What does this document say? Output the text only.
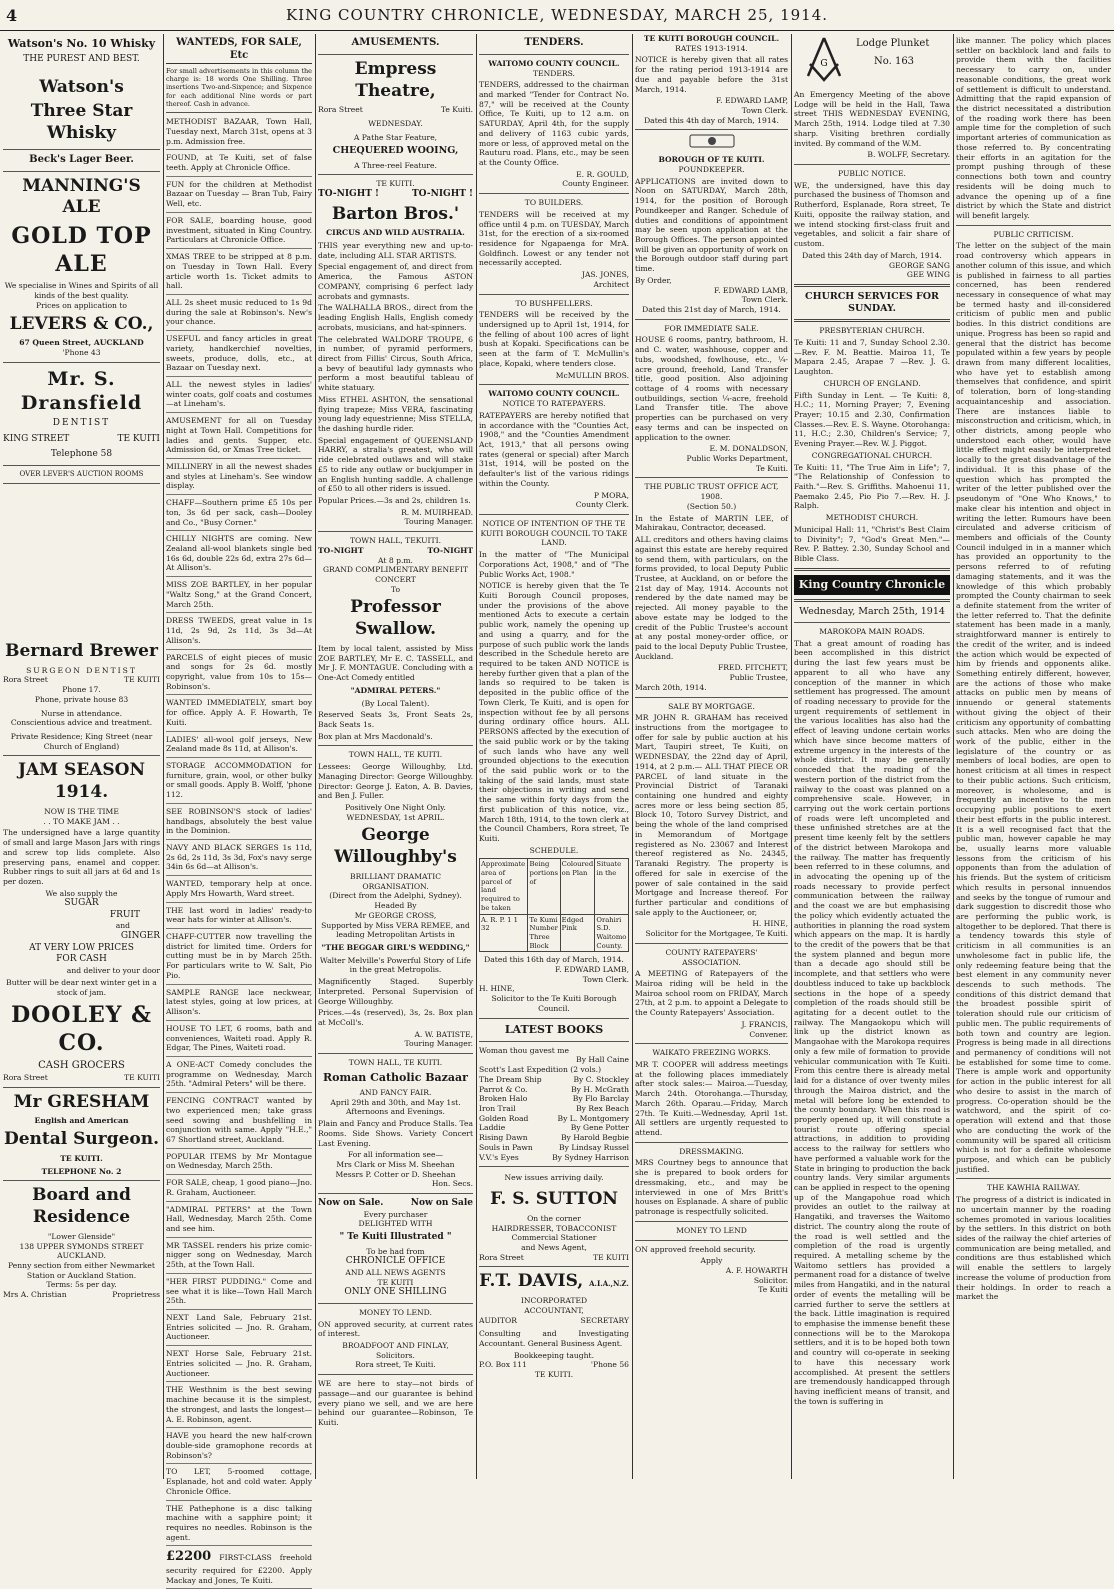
4	KING COUNTRY CHRONICLE, WEDNESDAY, MARCH 25, 1914.
Watson's No. 10 Whisky
THE PUREST AND BEST.
Watson's
Three Star Whisky
Beck's Lager Beer.
MANNING'S ALE
GOLD TOP ALE
We specialise in Wines and Spirits of all kinds of the best quality.
Prices on application to
LEVERS & CO.,
67 Queen Street, AUCKLAND
'Phone 43
Mr. S. Dransfield
DENTIST
KING STREET	TE KUITI
Telephone 58
OVER LEVER'S AUCTION ROOMS
Bernard Brewer
SURGEON DENTIST
Rora Street	TE KUITI
Phone 17.
Phone, private house 83
Nurse in attendance.
Conscientious advice and treatment.
Private Residence; King Street (near Church of England)
JAM SEASON 1914.
NOW IS THE TIME
. . TO MAKE JAM . .
The undersigned have a large quantity of small and large Mason Jars with rings and screw top lids complete. Also preserving pans, enamel and copper. Rubber rings to suit all jars at 6d and 1s per dozen.
We also supply the
SUGAR
FRUIT
and
GINGER
AT VERY LOW PRICES
FOR CASH
and deliver to your door
Butter will be dear next winter get in a stock of jam.
DOOLEY & CO.
CASH GROCERS
Rora Street	TE KUITI
Mr GRESHAM
English and American
Dental Surgeon.
TE KUITI.
TELEPHONE No. 2
Board and Residence
"Lower Glenside"
138 UPPER SYMONDS STREET AUCKLAND.
Penny section from either Newmarket Station or Auckland Station.
Terms: 5s per day.
Mrs A. Christian	Proprietress
WANTEDS, FOR SALE, Etc
For small advertisements in this column the charge is: 18 words One Shilling. Three insertions Two-and-Sixpence; and Sixpence for each additional Nine words or part thereof. Cash in advance.
METHODIST BAZAAR, Town Hall, Tuesday next, March 31st, opens at 3 p.m. Admission free.
FOUND, at Te Kuiti, set of false teeth. Apply at Chronicle Office.
FUN for the children at Methodist Bazaar on Tuesday — Bran Tub, Fairy Well, etc.
FOR SALE, boarding house, good investment, situated in King Country. Particulars at Chronicle Office.
XMAS TREE to be stripped at 8 p.m. on Tuesday in Town Hall. Every article worth 1s. Ticket admits to hall.
ALL 2s sheet music reduced to 1s 9d during the sale at Robinson's. New's your chance.
USEFUL and fancy articles in great variety, handkerchief novelties, sweets, produce, dolls, etc., at Bazaar on Tuesday next.
ALL the newest styles in ladies' winter coats, golf coats and costumes—at Lineham's.
AMUSEMENT for all on Tuesday night at Town Hall. Competitions for ladies and gents. Supper, etc. Admission 6d, or Xmas Tree ticket.
MILLINERY in all the newest shades and styles at Lineham's. See window display.
CHAFF—Southern prime £5 10s per ton, 3s 6d per sack, cash—Dooley and Co., "Busy Corner."
CHILLY NIGHTS are coming. New Zealand all-wool blankets single bed 16s 6d, double 22s 6d, extra 27s 6d—At Allison's.
MISS ZOE BARTLEY, in her popular "Waltz Song," at the Grand Concert, March 25th.
DRESS TWEEDS, great value in 1s 11d, 2s 9d, 2s 11d, 3s 3d—At Allison's.
PARCELS of eight pieces of music and songs for 2s 6d. mostly copyright, value from 10s to 15s—Robinson's.
WANTED IMMEDIATELY, smart boy for office. Apply A. F. Howarth, Te Kuiti.
LADIES' all-wool golf jerseys, New Zealand made 8s 11d, at Allison's.
STORAGE ACCOMMODATION for furniture, grain, wool, or other bulky or small goods. Apply B. Wolff, 'phone 112.
SEE ROBINSON'S stock of ladies' handbags, absolutely the best value in the Dominion.
NAVY AND BLACK SERGES 1s 11d, 2s 6d, 2s 11d, 3s 3d, Fox's navy serge 34in 6s 6d—at Allison's.
WANTED, temporary help at once. Apply Mrs Howarth, Ward street.
THE last word in ladies' ready-to wear hats for winter at Allison's.
CHAFF-CUTTER now travelling the district for limited time. Orders for cutting must be in by March 25th. For particulars write to W. Salt, Pio Pio.
SAMPLE RANGE lace neckwear, latest styles, going at low prices, at Allison's.
HOUSE TO LET, 6 rooms, bath and conveniences, Waiteti road. Apply R. Edgar, The Pines, Waiteti road.
A ONE-ACT Comedy concludes the programme on Wednesday, March 25th. "Admiral Peters" will be there.
FENCING CONTRACT wanted by two experienced men; take grass seed sowing and bushfelling in conjunction with same. Apply "H.E.," 67 Shortland street, Auckland.
POPULAR ITEMS by Mr Montague on Wednesday, March 25th.
FOR SALE, cheap, 1 good piano—Jno. R. Graham, Auctioneer.
"ADMIRAL PETERS" at the Town Hall, Wednesday, March 25th. Come and see him.
MR TASSEL renders his prize comic-nigger song on Wednesday, March 25th, at the Town Hall.
"HER FIRST PUDDING." Come and see what it is like—Town Hall March 25th.
NEXT Land Sale, February 21st. Entries solicited — Jno. R. Graham, Auctioneer.
NEXT Horse Sale, February 21st. Entries solicited — Jno. R. Graham, Auctioneer.
THE Westhnim is the best sewing machine because it is the simplest, the strongest, and lasts the longest—A. E. Robinson, agent.
HAVE you heard the new half-crown double-side gramophone records at Robinson's?
TO LET, 5-roomed cottage, Esplanade, hot and cold water. Apply Chronicle Office.
THE Pathephone is a disc talking machine with a sapphire point; it requires no needles. Robinson is the agent.
£2200 FIRST-CLASS freehold security required for £2200. Apply Mackay and Jones, Te Kuiti.
AMUSEMENTS.
Empress Theatre,
Rora Street	Te Kuiti.
WEDNESDAY.
A Pathe Star Feature,
CHEQUERED WOOING,
A Three-reel Feature.
TE KUITI.
TO-NIGHT !	TO-NIGHT !
Barton Bros.'
CIRCUS AND WILD AUSTRALIA.
THIS year everything new and up-to-date, including ALL STAR ARTISTS.
Special engagement of, and direct from America, the Famous ASTON COMPANY, comprising 6 perfect lady acrobats and gymnasts.
The WALHALLA BROS., direct from the leading English Halls, English comedy acrobats, musicians, and hat-spinners.
The celebrated WALDORF TROUPE, 6 in number, of pyramid performers, direct from Fillis' Circus, South Africa, a bevy of beautiful lady gymnasts who perform a most beautiful tableau of white statuary.
Miss ETHEL ASHTON, the sensational flying trapeze; Miss VERA, fascinating young lady equestrienne; Miss STELLA, the dashing hurdle rider.
Special engagement of QUEENSLAND HARRY, a stralia's greatest, who will ride celebrated outlaws and will stake £5 to ride any outlaw or buckjumper in an English hunting saddle. A challenge of £50 to all other riders is issued.
Popular Prices.—3s and 2s, children 1s.
R. M. MUIRHEAD.
Touring Manager.
TOWN HALL, TEKUITI.
TO-NIGHT	TO-NIGHT
At 8 p.m.
GRAND COMPLIMENTARY BENEFIT CONCERT
To
Professor Swallow.
Item by local talent, assisted by Miss ZOE BARTLEY, Mr E. C. TASSELL, and Mr J. F. MONTAGUE. Concluding with a One-Act Comedy entitled
"ADMIRAL PETERS."
(By Local Talent).
Reserved Seats 3s, Front Seats 2s, Back Seats 1s.
Box plan at Mrs Macdonald's.
TOWN HALL, TE KUITI.
Lessees: George Willoughby, Ltd. Managing Director: George Willoughby. Director: George J. Eaton, A. B. Davies, and Ben J. Fuller.
Positively One Night Only.
WEDNESDAY, 1st APRIL.
George Willoughby's
BRILLIANT DRAMATIC ORGANISATION.
(Direct from the Adelphi, Sydney).
Headed By
Mr GEORGE CROSS,
Supported by Miss VERA REMEE, and leading Metropolitan Artists in
"THE BEGGAR GIRL'S WEDDING,"
Walter Melville's Powerful Story of Life in the great Metropolis.
Magnificently Staged. Superbly Interpreted. Personal Supervision of George Willoughby.
Prices.—4s (reserved), 3s, 2s. Box plan at McColl's.
A. W. BATISTE,
Touring Manager.
TOWN HALL, TE KUITI.
Roman Catholic Bazaar
AND FANCY FAIR.
April 29th and 30th, and May 1st.
Afternoons and Evenings.
Plain and Fancy and Produce Stalls. Tea Rooms. Side Shows. Variety Concert Last Evening.
For all information see—
Mrs Clark or Miss M. Sheehan
Messrs P. Cotter or D. Sheehan
Hon. Secs.
Now on Sale.	Now on Sale
Every purchaser
DELIGHTED WITH
" Te Kuiti Illustrated "
To be had from
CHRONICLE OFFICE
AND ALL NEWS AGENTS
TE KUITI
ONLY ONE SHILLING
MONEY TO LEND.
ON approved security, at current rates of interest.
BROADFOOT AND FINLAY,
Solicitors.
Rora street, Te Kuiti.
WE are here to stay—not birds of passage—and our guarantee is behind every piano we sell, and we are here behind our guarantee—Robinson, Te Kuiti.
TENDERS.
WAITOMO COUNTY COUNCIL.
TENDERS.
TENDERS, addressed to the chairman and marked "Tender for Contract No. 87," will be received at the County Office, Te Kuiti, up to 12 a.m. on SATURDAY, April 4th, for the supply and delivery of 1163 cubic yards, more or less, of approved metal on the Rauturu road. Plans, etc., may be seen at the County Office.
E. R. GOULD,
County Engineer.
TO BUILDERS.
TENDERS will be received at my office until 4 p.m. on TUESDAY, March 31st, for the erection of a six-roomed residence for Ngapaenga for MrA. Goldfinch. Lowest or any tender not necessarily accepted.
JAS. JONES,
Architect
TO BUSHFELLERS.
TENDERS will be received by the undersigned up to April 1st, 1914, for the felling of about 100 acres of light bush at Kopaki. Specifications can be seen at the farm of T. McMullin's place, Kopaki, where tenders close.
McMULLIN BROS.
WAITOMO COUNTY COUNCIL.
NOTICE TO RATEPAYERS.
RATEPAYERS are hereby notified that in accordance with the "Counties Act, 1908," and the "Counties Amendment Act, 1913," that all persons owing rates (general or special) after March 31st, 1914, will be posted on the defaulter's list of the various ridings within the County.
P MORA,
County Clerk.
NOTICE OF INTENTION OF THE TE KUITI BOROUGH COUNCIL TO TAKE LAND.
In the matter of "The Municipal Corporations Act, 1908," and of "The Public Works Act, 1908."
NOTICE is hereby given that the Te Kuiti Borough Council proposes, under the provisions of the above mentioned Acts to execute a certain public work, namely the opening up and using a quarry, and for the purpose of such public work the lands described in the Schedule hereto are required to be taken AND NOTICE is hereby further given that a plan of the lands so required to be taken is deposited in the public office of the Town Clerk, Te Kuiti, and is open for inspection without fee by all persons during ordinary office hours. ALL PERSONS affected by the execution of the said public work or by the taking of such lands who have any well grounded objections to the execution of the said public work or to the taking of the said lands, must state their objections in writing and send the same within forty days from the first publication of this notice, viz., March 18th, 1914, to the town clerk at the Council Chambers, Rora street, Te Kuiti.
SCHEDULE.
Approximate area of parcel of land required to be taken	Being portions of	Coloured on Plan	Situate in the
A. R. P. 1 1 32	Te Kumi Number Three Block	Edged Pink	Orahiri S.D. Waitomo County.
Dated this 16th day of March, 1914.
F. EDWARD LAMB,
Town Clerk.
H. HINE,
Solicitor to the Te Kuiti Borough Council.
LATEST BOOKS
Woman thou gavest me
By Hall Caine
Scott's Last Expedition (2 vols.)
The Dream Ship	By C. Stockley
Parrot & Co.	By H. McGrath
Broken Halo	By Flo Barclay
Iron Trail	By Rex Beach
Golden Road	By L. Montgomery
Laddie	By Gene Potter
Rising Dawn	By Harold Begbie
Souls in Pawn	By Lindsay Russel
V.V.'s Eyes	By Sydney Harrison
New issues arriving daily.
F. S. SUTTON
On the corner
HAIRDRESSER, TOBACCONIST
Commercial Stationer
and News Agent,
Rora Street	TE KUITI
F.T. DAVIS, A.I.A.,N.Z.
INCORPORATED
ACCOUNTANT,
AUDITOR	SECRETARY
Consulting and Investigating Accountant. General Business Agent.
Bookkeeping taught.
P.O. Box 111	'Phone 56
TE KUITI.
TE KUITI BOROUGH COUNCIL.
RATES 1913-1914.
NOTICE is hereby given that all rates for the rating period 1913-1914 are due and payable before the 31st March, 1914.
F. EDWARD LAMP,
Town Clerk.
Dated this 4th day of March, 1914.
BOROUGH OF TE KUITI.
POUNDKEEPER.
APPLICATIONS are invited down to Noon on SATURDAY, March 28th, 1914, for the position of Borough Poundkeeper and Ranger. Schedule of duties and conditions of appointment may be seen upon application at the Borough Offices. The person appointed will be given an opportunity of work on the Borough outdoor staff during part time.
By Order,
F. EDWARD LAMB,
Town Clerk.
Dated this 21st day of March, 1914.
FOR IMMEDIATE SALE.
HOUSE 6 rooms, pantry, bathroom, H. and C. water, washhouse, copper and tubs, woodshed, fowlhouse, etc., ¼-acre ground, freehold, Land Transfer title, good position. Also adjoining cottage of 4 rooms with necessary outbuildings, section ¼-acre, freehold Land Transfer title. The above properties can be purchased on very easy terms and can be inspected on application to the owner.
E. M. DONALDSON,
Public Works Department,
Te Kuiti.
THE PUBLIC TRUST OFFICE ACT, 1908.
(Section 50.)
In the Estate of MARTIN LEE, of Mahirakau, Contractor, deceased.
ALL creditors and others having claims against this estate are hereby required to send them, with particulars, on the forms provided, to local Deputy Public Trustee, at Auckland, on or before the 21st day of May, 1914. Accounts not rendered by the date named may be rejected. All money payable to the above estate may be lodged to the credit of the Public Trustee's account at any postal money-order office, or paid to the local Deputy Public Trustee, Auckland.
FRED. FITCHETT,
Public Trustee,
March 20th, 1914.
SALE BY MORTGAGE.
MR JOHN R. GRAHAM has received instructions from the mortgagee to offer for sale by public auction at his Mart, Taupiri street, Te Kuiti, on WEDNESDAY, the 22nd day of April, 1914, at 2 p.m.— ALL THAT PIECE OR PARCEL of land situate in the Provincial District of Taranaki containing one hundred and eighty acres more or less being section 85, Block 10, Totoro Survey District, and being the whole of the land comprised in Memorandum of Mortgage registered as No. 23067 and Interest thereof registered as No. 24345, Taranaki Registry. The property is offered for sale in exercise of the power of sale contained in the said Mortgage and Increase thereof. For further particular and conditions of sale apply to the Auctioneer, or,
H. HINE,
Solicitor for the Mortgagee, Te Kuiti.
COUNTY RATEPAYERS' ASSOCIATION.
A MEETING of Ratepayers of the Mairoa riding will be held in the Mairoa school room on FRIDAY, March 27th, at 2 p.m. to appoint a Delegate to the County Ratepayers' Association.
J. FRANCIS,
Convener.
WAIKATO FREEZING WORKS.
MR T. COOPER will address meetings at the following places immediately after stock sales:— Mairoa.—Tuesday, March 24th. Otorohanga.—Thursday, March 26th. Oparau.—Friday, March 27th. Te Kuiti.—Wednesday, April 1st. All settlers are urgently requested to attend.
DRESSMAKING.
MRS Courtney begs to announce that she is prepared to book orders for dressmaking, etc., and may be interviewed in one of Mrs Britt's houses on Esplanade. A share of public patronage is respectfully solicited.
MONEY TO LEND
ON approved freehold security.
Apply
A. F. HOWARTH
Solicitor.
Te Kuiti
G
Lodge Plunket
No. 163
An Emergency Meeting of the above Lodge will be held in the Hall, Tawa street THIS WEDNESDAY EVENING, March 25th, 1914. Lodge tiled at 7.30 sharp. Visiting brethren cordially invited. By command of the W.M.
B. WOLFF, Secretary.
PUBLIC NOTICE.
WE, the undersigned, have this day purchased the business of Thomson and Rutherford, Esplanade, Rora street, Te Kuiti, opposite the railway station, and we intend stocking first-class fruit and vegetables, and solicit a fair share of custom.
Dated this 24th day of March, 1914.
GEORGE SANG
GEE WING
CHURCH SERVICES FOR SUNDAY.
PRESBYTERIAN CHURCH.
Te Kuiti: 11 and 7, Sunday School 2.30.—Rev. F. M. Beattie. Mairoa 11, Te Mapara 2.45, Arapae 7 —Rev. J. G. Laughton.
CHURCH OF ENGLAND.
Fifth Sunday in Lent. — Te Kuiti: 8, H.C.; 11, Morning Prayer; 7, Evening Prayer; 10.15 and 2.30, Confirmation Classes.—Rev. E. S. Wayne. Otorohanga: 11, H.C.; 2.30, Children's Service; 7, Evening Prayer.—Rev. W. J. Piggot.
CONGREGATIONAL CHURCH.
Te Kuiti: 11, "The True Aim in Life"; 7, "The Relationship of Confession to Faith."—Rev. S. Griffiths. Mahoenui 11, Paemako 2.45, Pio Pio 7.—Rev. H. J. Ralph.
METHODIST CHURCH.
Municipal Hall: 11, "Christ's Best Claim to Divinity"; 7, "God's Great Men."—Rev. P. Battey. 2.30, Sunday School and Bible Class.
King Country Chronicle
Wednesday, March 25th, 1914
MAROKOPA MAIN ROADS.
That a great amount of roading has been accomplished in this district during the last few years must be apparent to all who have any conception of the manner in which settlement has progressed. The amount of roading necessary to provide for the urgent requirements of settlement in the various localities has also had the effect of leaving undone certain works which have since become matters of extreme urgency in the interests of the whole district. It may be generally conceded that the roading of the western portion of the district from the railway to the coast was planned on a comprehensive scale. However, in carrying out the work certain portions of roads were left uncompleted and these unfinished stretches are at the present time keenly felt by the settlers of the district between Marokopa and the railway. The matter has frequently been referred to in these columns, and in advocating the opening up of the roads necessary to provide perfect communication between the railway and the coast we are but emphasising the policy which evidently actuated the authorities in planning the road system which appears on the map. It is hardly to the credit of the powers that be that the system planned and begun more than a decade ago should still be incomplete, and that settlers who were doubtless induced to take up backblock sections in the hope of a speedy completion of the roads should still be agitating for a decent outlet to the railway. The Mangaokopu which will link up the district known as Mangaohae with the Marokopa requires only a few mile of formation to provide vehicular communication with Te Kuiti. From this centre there is already metal laid for a distance of over twenty miles through the Mairoa district, and the metal will before long be extended to the county boundary. When this road is properly opened up, it will constitute a tourist route offering special attractions, in addition to providing access to the railway for settlers who have performed a valuable work for the State in bringing to production the back country lands. Very similar arguments can be applied in respect to the opening up of the Mangapohue road which provides an outlet to the railway at Hangatiki, and traverses the Waitomo district. The country along the route of the road is well settled and the completion of the road is urgently required. A metalling scheme by the Waitomo settlers has provided a permanent road for a distance of twelve miles from Hangatiki, and in the natural order of events the metalling will be carried further to serve the settlers at the back. Little imagination is required to emphasise the immense benefit these connections will be to the Marokopa settlers, and it is to be hoped both town and country will co-operate in seeking to have this necessary work accomplished. At present the settlers are tremendously handicapped through having inefficient means of transit, and the town is suffering in
like manner. The policy which places settler on backblock land and fails to provide them with the facilities necessary to carry on, under reasonable conditions, the great work of settlement is difficult to understand. Admitting that the rapid expansion of the district necessitated a distribution of the roading work there has been ample time for the completion of such important arteries of communication as those referred to. By concentrating their efforts in an agitation for the prompt pushing through of these connections both town and country residents will be doing much to advance the opening up of a fine district by which the State and district will benefit largely.
PUBLIC CRITICISM.
The letter on the subject of the main road controversy which appears in another column of this issue, and which is published in fairness to all parties concerned, has been rendered necessary in consequence of what may be termed hasty and ill-considered criticism of public men and public bodies. In this district conditions are unique. Progress has been so rapid and general that the district has become populated within a few years by people drawn from many different localities, who have yet to establish among themselves that confidence, and spirit of toleration, born of long-standing acquaintanceship and association. There are instances liable to misconstruction and criticism, which, in other districts, among people who understood each other, would have little effect might easily be interpreted locally to the great disadvantage of the individual. It is this phase of the question which has prompted the writer of the letter published over the pseudonym of "One Who Knows," to make clear his intention and object in writing the letter. Rumours have been circulated and adverse criticism of members and officials of the County Council indulged in in a manner which has provided an opportunity to the persons referred to of refuting damaging statements, and it was the knowledge of this which probably prompted the County chairman to seek a definite statement from the writer of the letter referred to. That the definite statement has been made in a manly, straightforward manner is entirely to the credit of the writer, and is indeed the action which would be expected of him by friends and opponents alike. Something entirely different, however, are the actions of those who make attacks on public men by means of innuendo or general statements without giving the object of their criticism any opportunity of combatting such attacks. Men who are doing the work of the public, either in the legislature of the country or as members of local bodies, are open to honest criticism at all times in respect to their public actions. Such criticism, moreover, is wholesome, and is frequently an incentive to the men occupying public positions to exert their best efforts in the public interest. It is a well recognised fact that the public man, however capable he may be, usually learns more valuable lessons from the criticism of his opponents than from the adulation of his friends. But the system of criticism which results in personal innuendos and seeks by the tongue of rumour and dark suggestion to discredit those who are performing the public work, is altogether to be deplored. That there is a tendency towards this style of criticism in all communities is an unwholesome fact in public life, the only redeeming feature being that the best element in any community never descends to such methods. The conditions of this district demand that the broadest possible spirit of toleration should rule our criticism of public men. The public requirements of both town and country are legion. Progress is being made in all directions and permanency of conditions will not be established for some time to come. There is ample work and opportunity for action in the public interest for all who desire to assist in the march of progress. Co-operation should be the watchword, and the spirit of co-operation will extend and that those who are conducting the work of the community will be spared all criticism which is not for a definite wholesome purpose, and which can be publicly justified.
THE KAWHIA RAILWAY.
The progress of a district is indicated in no uncertain manner by the roading schemes promoted in various localities by the settlers. In this district on both sides of the railway the chief arteries of communication are being metalled, and conditions are thus established which will enable the settlers to largely increase the volume of production from their holdings. In order to reach a market the
